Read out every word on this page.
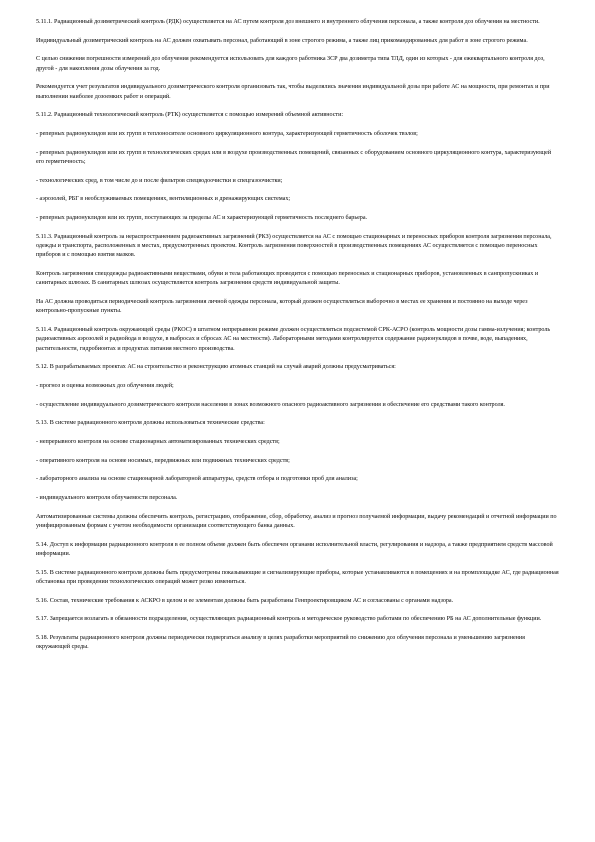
5.11.1. Радиационный дозиметрический контроль (РДК) осуществляется на АС путем контроля доз внешнего и внутреннего облучения персонала, а также контроля доз облучения на местности.

Индивидуальный дозиметрический контроль на АС должен охватывать персонал, работающий в зоне строгого режима, а также лиц прикомандированных для работ в зоне строгого режима.

С целью снижения погрешности измерений доз облучения рекомендуется использовать для каждого работника ЗСР два дозиметра типа ТЛД, один из которых - для ежеквартального контроля доз, другой - для накопления дозы облучения за год.

Рекомендуется учет результатов индивидуального дозиметрического контроля организовать так, чтобы выделялись значения индивидуальной дозы при работе АС на мощности, при ремонтах и при выполнении наиболее дозоемких работ и операций.

5.11.2. Радиационный технологический контроль (РТК) осуществляется с помощью измерений объемной активности:

- реперных радионуклидов или их групп в теплоносителе основного циркуляционного контура, характеризующей герметичность оболочек твэлов;

- реперных радионуклидов или их групп в технологических средах или в воздухе производственных помещений, связанных с оборудованием основного циркуляционного контура, характеризующей его герметичность;

- технологических сред, в том числе до и после фильтров спецводоочистки и спецгазоочистки;

- аэрозолей, РБГ в необслуживаемых помещениях, вентиляционных и дренажирующих системах;

- реперных радионуклидов или их групп, поступающих за пределы АС и характеризующей герметичность последнего барьера.

5.11.3. Радиационный контроль за нераспространением радиоактивных загрязнений (РКЗ) осуществляется на АС с помощью стационарных и переносных приборов контроля загрязнения персонала, одежды и транспорта, расположенных в местах, предусмотренных проектом. Контроль загрязнения поверхностей в производственных помещениях АС осуществляется с помощью переносных приборов и с помощью взятия мазков.

Контроль загрязнения спецодежды радиоактивными веществами, обуви и тела работающих проводится с помощью переносных и стационарных приборов, установленных в санпропускниках и санитарных шлюзах. В санитарных шлюзах осуществляется контроль загрязнения средств индивидуальной защиты.

На АС должна проводиться периодический контроль загрязнения личной одежды персонала, который должен осуществляться выборочно в местах ее хранения и постоянно на выходе через контрольно-пропускные пункты.

5.11.4. Радиационный контроль окружающей среды (РКОС) в штатном непрерывном режиме должен осуществляться подсистемой СРК-АСРО (контроль мощности дозы гамма-излучения; контроль радиоактивных аэрозолей и радиойода в воздухе, в выбросах и сбросах АС на местности). Лабораторными методами контролируется содержание радионуклидов в почве, воде, выпадениях, растительности, гидробионтах и продуктах питания местного производства.

5.12. В разрабатываемых проектах АС на строительство и реконструкцию атомных станций на случай аварий должны предусматриваться:

- прогноз и оценка возможных доз облучения людей;

- осуществление индивидуального дозиметрического контроля населения в зонах возможного опасного радиоактивного загрязнения и обеспечение его средствами такого контроля.

5.13. В системе радиационного контроля должны использоваться технические средства:

- непрерывного контроля на основе стационарных автоматизированных технических средств;

- оперативного контроля на основе носимых, передвижных или подвижных технических средств;

- лабораторного анализа на основе стационарной лабораторной аппаратуры, средств отбора и подготовки проб для анализа;

- индивидуального контроля облучаемости персонала.

Автоматизированные системы должны обеспечить контроль, регистрацию, отображение, сбор, обработку, анализ и прогноз получаемой информации, выдачу рекомендаций и отчетной информации по унифицированным формам с учетом необходимости организации соответствующего банка данных.

5.14. Доступ к информации радиационного контроля в ее полном объеме должен быть обеспечен органами исполнительной власти, регулирования и надзора, а также предприятием средств массовой информации.

5.15. В системе радиационного контроля должны быть предусмотрены показывающие и сигнализирующие приборы, которые устанавливаются в помещениях и на промплощадке АС, где радиационная обстановка при проведении технологических операций может резко измениться.

5.16. Состав, технические требования к АСКРО в целом и ее элементам должны быть разработаны Генпроектировщиком АС и согласованы с органами надзора.

5.17. Запрещается возлагать в обязанности подразделения, осуществляющих радиационный контроль и методическое руководство работами по обеспечению РБ на АС дополнительные функции.

5.18. Результаты радиационного контроля должны периодически подвергаться анализу в целях разработки мероприятий по снижению доз облучения персонала и уменьшению загрязнения окружающей среды.
